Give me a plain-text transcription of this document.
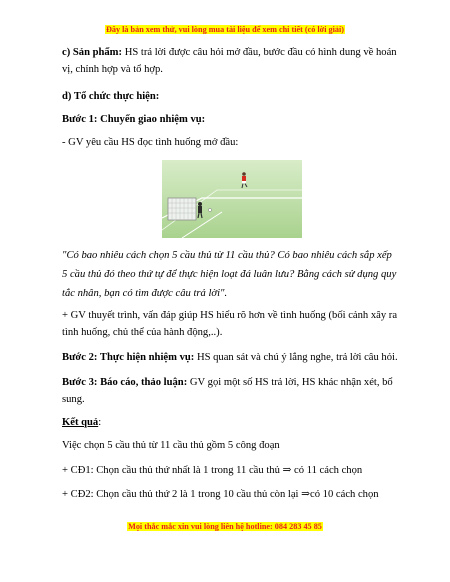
Đây là bản xem thử, vui lòng mua tài liệu để xem chi tiết (có lời giải)
c) Sản phẩm: HS trả lời được câu hỏi mở đầu, bước đầu có hình dung về hoán vị, chỉnh hợp và tổ hợp.
d) Tổ chức thực hiện:
Bước 1: Chuyển giao nhiệm vụ:
- GV yêu cầu HS đọc tình huống mở đầu:
"Có bao nhiêu cách chọn 5 cầu thủ từ 11 cầu thủ? Có bao nhiêu cách sắp xếp 5 cầu thủ đó theo thứ tự để thực hiện loạt đá luân lưu? Bằng cách sử dụng quy tắc nhân, bạn có tìm được câu trả lời".
+ GV thuyết trình, vấn đáp giúp HS hiểu rõ hơn về tình huống (bối cảnh xây ra tình huống, chủ thể của hành động,..).
Bước 2: Thực hiện nhiệm vụ: HS quan sát và chú ý lắng nghe, trả lời câu hỏi.
Bước 3: Báo cáo, thảo luận: GV gọi một số HS trả lời, HS khác nhận xét, bổ sung.
Kết quả:
Việc chọn 5 cầu thủ từ 11 cầu thủ gồm 5 công đoạn
+ CĐ1: Chọn cầu thủ thứ nhất là 1 trong 11 cầu thủ ⇒ có 11 cách chọn
+ CĐ2: Chọn cầu thủ thứ 2 là 1 trong 10 cầu thủ còn lại ⇒có 10 cách chọn
Mọi thắc mắc xin vui lòng liên hệ hotline: 084 283 45 85
